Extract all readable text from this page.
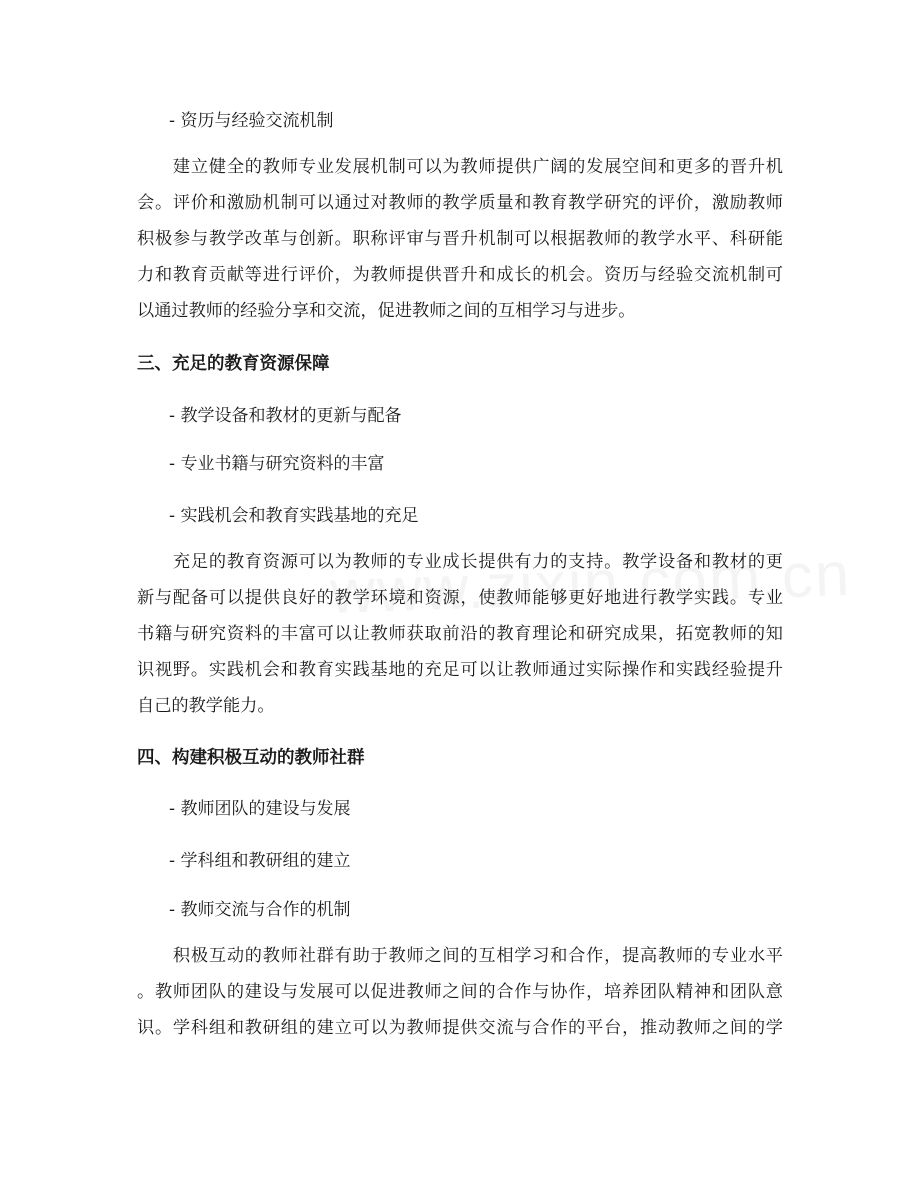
- 资历与经验交流机制

　　建立健全的教师专业发展机制可以为教师提供广阔的发展空间和更多的晋升机

会。评价和激励机制可以通过对教师的教学质量和教育教学研究的评价，激励教师

积极参与教学改革与创新。职称评审与晋升机制可以根据教师的教学水平、科研能

力和教育贡献等进行评价，为教师提供晋升和成长的机会。资历与经验交流机制可

以通过教师的经验分享和交流，促进教师之间的互相学习与进步。

三、充足的教育资源保障

- 教学设备和教材的更新与配备

- 专业书籍与研究资料的丰富

- 实践机会和教育实践基地的充足

　　充足的教育资源可以为教师的专业成长提供有力的支持。教学设备和教材的更

新与配备可以提供良好的教学环境和资源，使教师能够更好地进行教学实践。专业

书籍与研究资料的丰富可以让教师获取前沿的教育理论和研究成果，拓宽教师的知

识视野。实践机会和教育实践基地的充足可以让教师通过实际操作和实践经验提升

自己的教学能力。

四、构建积极互动的教师社群

- 教师团队的建设与发展

- 学科组和教研组的建立

- 教师交流与合作的机制

　　积极互动的教师社群有助于教师之间的互相学习和合作，提高教师的专业水平

。教师团队的建设与发展可以促进教师之间的合作与协作，培养团队精神和团队意

识。学科组和教研组的建立可以为教师提供交流与合作的平台，推动教师之间的学
